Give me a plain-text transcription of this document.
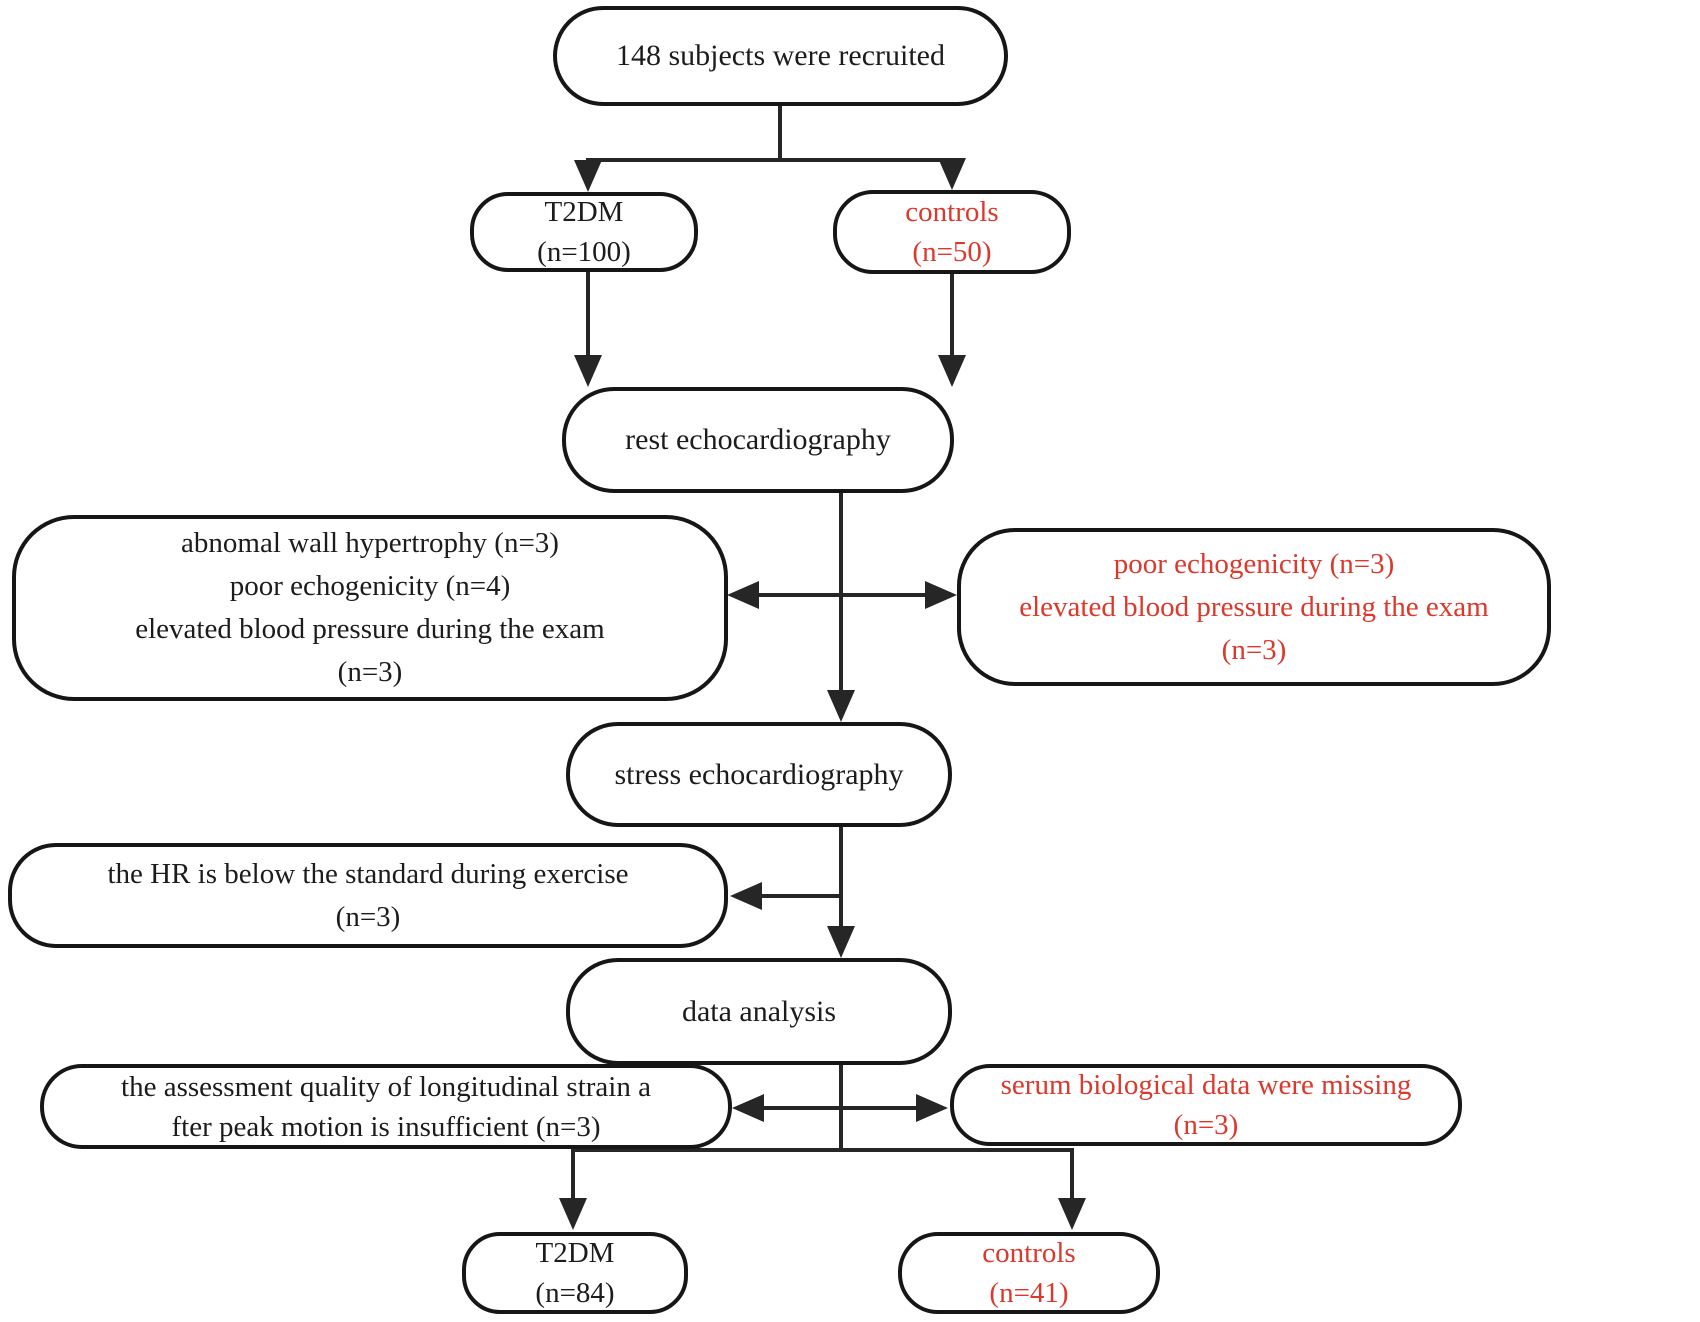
148 subjects were recruited
T2DM
(n=100)
controls
(n=50)
rest echocardiography
abnomal wall hypertrophy (n=3)
poor echogenicity (n=4)
elevated blood pressure during the exam
(n=3)
poor echogenicity (n=3)
elevated blood pressure during the exam
(n=3)
stress echocardiography
the HR is below the standard during exercise
(n=3)
data analysis
the assessment quality of longitudinal strain a
fter peak motion is insufficient (n=3)
serum biological data were missing
(n=3)
T2DM
(n=84)
controls
(n=41)
